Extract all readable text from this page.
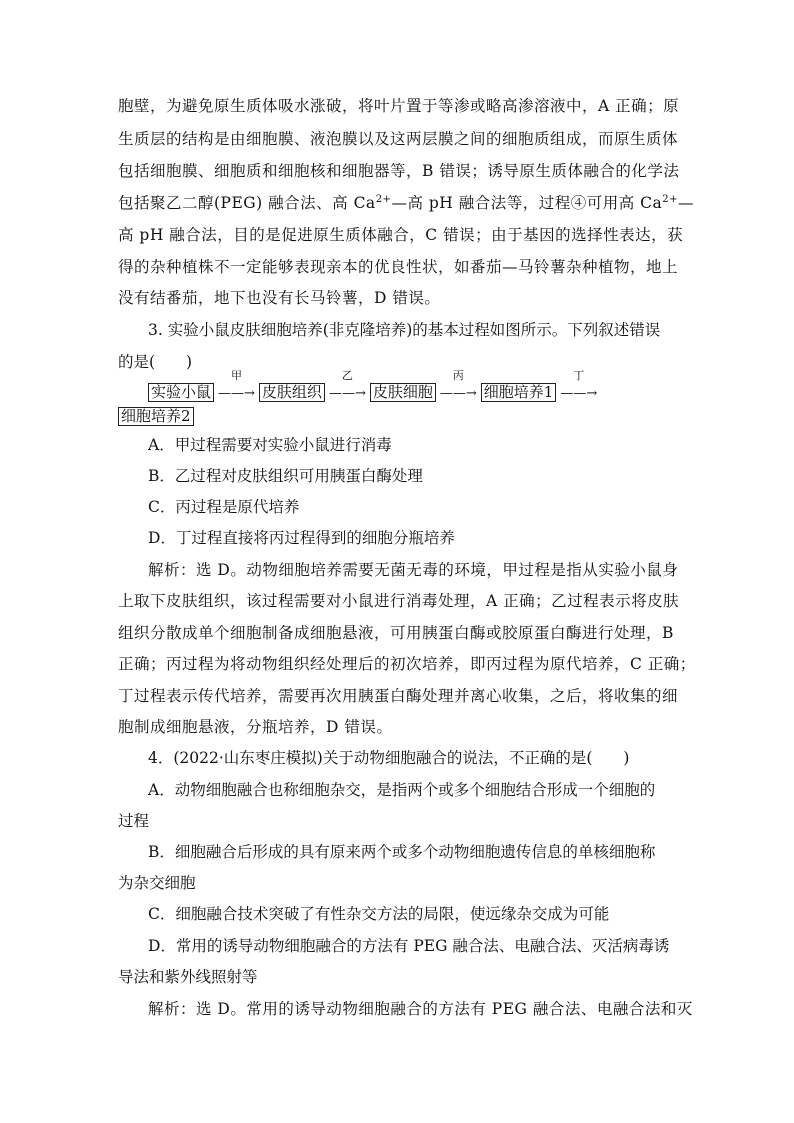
胞壁，为避免原生质体吸水涨破，将叶片置于等渗或略高渗溶液中，A 正确；原
生质层的结构是由细胞膜、液泡膜以及这两层膜之间的细胞质组成，而原生质体
包括细胞膜、细胞质和细胞核和细胞器等，B 错误；诱导原生质体融合的化学法
包括聚乙二醇(PEG) 融合法、高 $Ca^{2+}—$高 pH 融合法等，过程④可用高 $Ca^{2+}—$
高 pH 融合法，目的是促进原生质体融合，C 错误；由于基因的选择性表达，获
得的杂种植株不一定能够表现亲本的优良性状，如番茄—马铃薯杂种植物，地上
没有结番茄，地下也没有长马铃薯，D 错误。
3. 实验小鼠皮肤细胞培养(非克隆培养)的基本过程如图所示。下列叙述错误
的是(　　)
实验小鼠
甲
——→ 皮肤组织
乙
——→ 皮肤细胞
丙
——→ 细胞培养1
丁
——→
细胞培养2
A．甲过程需要对实验小鼠进行消毒
B．乙过程对皮肤组织可用胰蛋白酶处理
C．丙过程是原代培养
D．丁过程直接将丙过程得到的细胞分瓶培养
解析：选 D。动物细胞培养需要无菌无毒的环境，甲过程是指从实验小鼠身
上取下皮肤组织，该过程需要对小鼠进行消毒处理，A 正确；乙过程表示将皮肤
组织分散成单个细胞制备成细胞悬液，可用胰蛋白酶或胶原蛋白酶进行处理，B
正确；丙过程为将动物组织经处理后的初次培养，即丙过程为原代培养，C 正确；
丁过程表示传代培养，需要再次用胰蛋白酶处理并离心收集，之后，将收集的细
胞制成细胞悬液，分瓶培养，D 错误。
4．(2022·山东枣庄模拟)关于动物细胞融合的说法，不正确的是(　　)
A．动物细胞融合也称细胞杂交，是指两个或多个细胞结合形成一个细胞的
过程
B．细胞融合后形成的具有原来两个或多个动物细胞遗传信息的单核细胞称
为杂交细胞
C．细胞融合技术突破了有性杂交方法的局限，使远缘杂交成为可能
D．常用的诱导动物细胞融合的方法有 PEG 融合法、电融合法、灭活病毒诱
导法和紫外线照射等
解析：选 D。常用的诱导动物细胞融合的方法有 PEG 融合法、电融合法和灭
